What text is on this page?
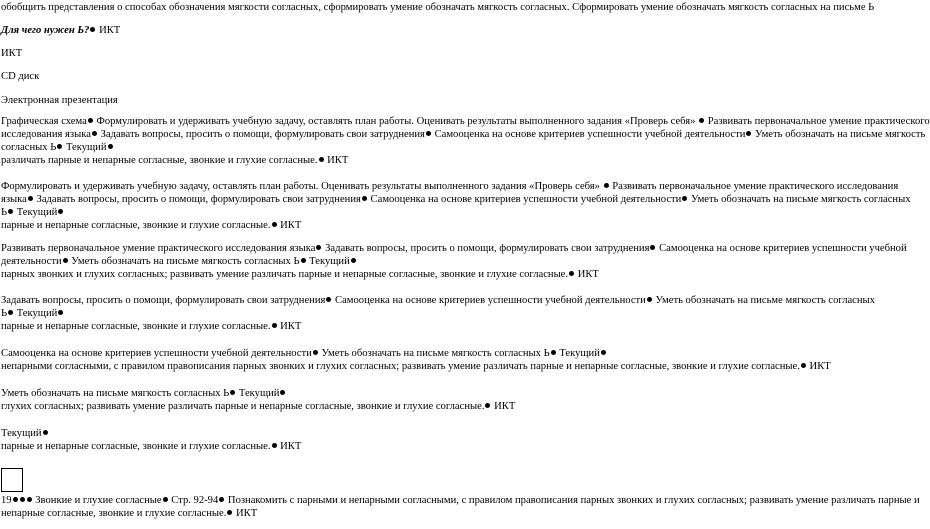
обобщить представления о способах обозначения мягкости согласных, сформировать умение обозначать мягкость согласных. Сформировать умение обозначать мягкость согласных на письме Ь
Для чего нужен Ь? ИКТ
ИКТ
CD диск
Электронная презентация
Графическая схема Формулировать и удерживать учебную задачу, оставлять план работы. Оценивать результаты выполненного задания «Проверь себя»  Развивать первоначальное умение практического
исследования языка Задавать вопросы, просить о помощи, формулировать свои затруднения Самооценка на основе критериев успешности учебной деятельности Уметь обозначать на письме мягкость
согласных Ь Текущий
различать парные и непарные согласные, звонкие и глухие согласные. ИКТ
Формулировать и удерживать учебную задачу, оставлять план работы. Оценивать результаты выполненного задания «Проверь себя»  Развивать первоначальное умение практического исследования
языка Задавать вопросы, просить о помощи, формулировать свои затруднения Самооценка на основе критериев успешности учебной деятельности Уметь обозначать на письме мягкость согласных
Ь Текущий
парные и непарные согласные, звонкие и глухие согласные. ИКТ
Развивать первоначальное умение практического исследования языка Задавать вопросы, просить о помощи, формулировать свои затруднения Самооценка на основе критериев успешности учебной
деятельности Уметь обозначать на письме мягкость согласных Ь Текущий
парных звонких и глухих согласных; развивать умение различать парные и непарные согласные, звонкие и глухие согласные. ИКТ
Задавать вопросы, просить о помощи, формулировать свои затруднения Самооценка на основе критериев успешности учебной деятельности Уметь обозначать на письме мягкость согласных
Ь Текущий
парные и непарные согласные, звонкие и глухие согласные. ИКТ
Самооценка на основе критериев успешности учебной деятельности Уметь обозначать на письме мягкость согласных Ь Текущий
непарными согласными, с правилом правописания парных звонких и глухих согласных; развивать умение различать парные и непарные согласные, звонкие и глухие согласные. ИКТ
Уметь обозначать на письме мягкость согласных Ь Текущий
глухих согласных; развивать умение различать парные и непарные согласные, звонкие и глухие согласные. ИКТ
Текущий
парные и непарные согласные, звонкие и глухие согласные. ИКТ
19 Звонкие и глухие согласные Стр. 92-94 Познакомить с парными и непарными согласными, с правилом правописания парных звонких и глухих согласных; развивать умение различать парные и
непарные согласные, звонкие и глухие согласные. ИКТ
